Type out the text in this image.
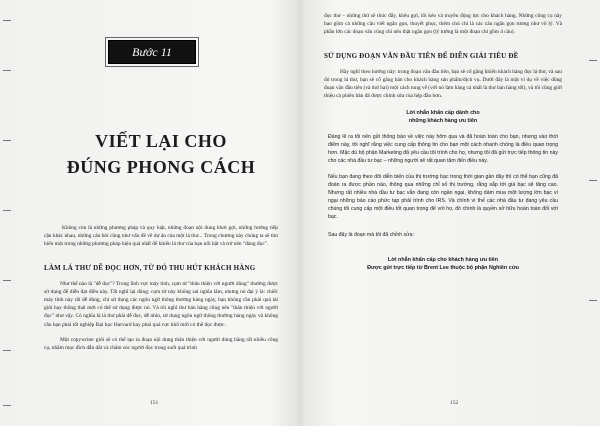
Bước 11
VIẾT LẠI CHO
ĐÚNG PHONG CÁCH
Không còn là những phương pháp và quy luật, những đoạn nội dung khơi gợi, những hướng tiếp cận khác nhau, những câu hỏi cũng như vấn đề về dự án của một lá thư... Trong chương này chúng ta sẽ tìm hiểu một trong những phương pháp hiệu quả nhất để khiến lá thư của bạn nổi bật và trở nên "đáng đọc".
LÀM LÁ THƯ DỄ ĐỌC HƠN, TỪ ĐÓ THU HÚT KHÁCH HÀNG
Như thế nào là "dễ đọc"? Trong lĩnh vực máy tính, cụm từ "thân thiện với người dùng" thường được sử dụng để diễn đạt điều này. Tất nghĩ lại đúng: cụm từ này không sai nghĩa lắm, nhưng nó đại ý là: chiếc máy tính này rất dễ dùng, chỉ sử dụng các ngôn ngữ thông thường hàng ngày, bạn không cần phải quá tài giỏi hay thông thái mới có thể sử dụng được nó. Và tôi nghĩ thư bán hàng cũng nên "thân thiện với người đọc" như vậy. Có nghĩa là lá thư phải dễ đọc, dễ nhìn, sử dụng ngôn ngữ thông thường hàng ngày và không cần bạn phải tốt nghiệp Đại học Harvard hay phải quá cực khổ mới có thể đọc được.
Một copywriter giỏi sẽ có thể tạo ra đoạn nội dung thân thiện với người dùng bằng rất nhiều công cụ, nhằm mục đích dẫn dắt và chăm sóc người đọc trong suốt quá trình
151
đọc thư – những thứ sẽ thúc đẩy, khêu gợi, lôi kéo và truyền động lực cho khách hàng. Những công cụ này bao gồm cả những câu viết ngắn gọn, thuyết phục, thêm chú chỉ là các câu ngắn gọn tương như vô lý. Và phần lớn các đoạn văn cũng chỉ nên thật ngắn gọn (lý tưởng là một đoạn chỉ gồm 4 câu).
SỬ DỤNG ĐOẠN VĂN ĐẦU TIÊN ĐỂ DIỄN GIẢI TIÊU ĐỀ
Hãy nghĩ theo hướng này: trong đoạn văn đầu tiên, bạn sẽ cố gắng khiến khách hàng đọc lá thư, và sau đó trong lá thư, bạn sẽ cố gắng bán cho khách hàng sản phẩm/dịch vụ. Dưới đây là một ví dụ về việc dùng đoạn văn đầu tiên (và thứ hai) một cách tung vế (với nó làm hàng cá nhất là thư bán hàng tốt), và tôi cũng giới thiệu cả phiên bản đã được chỉnh sửa của hệp đầu bơn.
Lời nhắn khẩn cấp dành cho
những khách hàng ưu tiên
Đáng lẽ ra tôi nên gửi thông báo về việc này hôm qua và đã hoàn toàn cho bạn, nhưng vào thời điểm này, tôi nghĩ rằng việc cung cấp thông tin cho bạn một cách nhanh chóng là điều quan trọng hơn. Mặc dù bộ phận Marketing đã yêu cầu tôi trình cho họ, nhưng tôi đã gửi trực tiếp thông tin này cho các nhà đầu tư bạc – những người sẽ rất quan tâm đến điều này.
Nếu bạn đang theo dõi diễn biến của thị trường bạc trong thời gian gần đây thì có thể bạn cũng đã đoán ra được phần nào, thông qua những chỉ số thị trường, rằng sắp tới giá bạc sẽ tăng cao. Nhưng rất nhiều nhà đầu tư bạc vẫn đang còn ngần ngại, không dám mua một lượng lớn bạc vì ngại những bảo cáo phức tạp phải trình cho IRS. Và chính vì thế các nhà đầu tư đang yêu cầu chúng tôi cung cấp một điều tốt quan trọng để với họ, đó chính là quyền sở hữu hoàn toàn đối với bạc.
Sau đây là đoạn mà tôi đã chỉnh sửa:
Lời nhắn khẩn cấp cho khách hàng ưu tiên
Được gửi trực tiếp từ Brent Lee thuộc bộ phận Nghiên cứu
152
